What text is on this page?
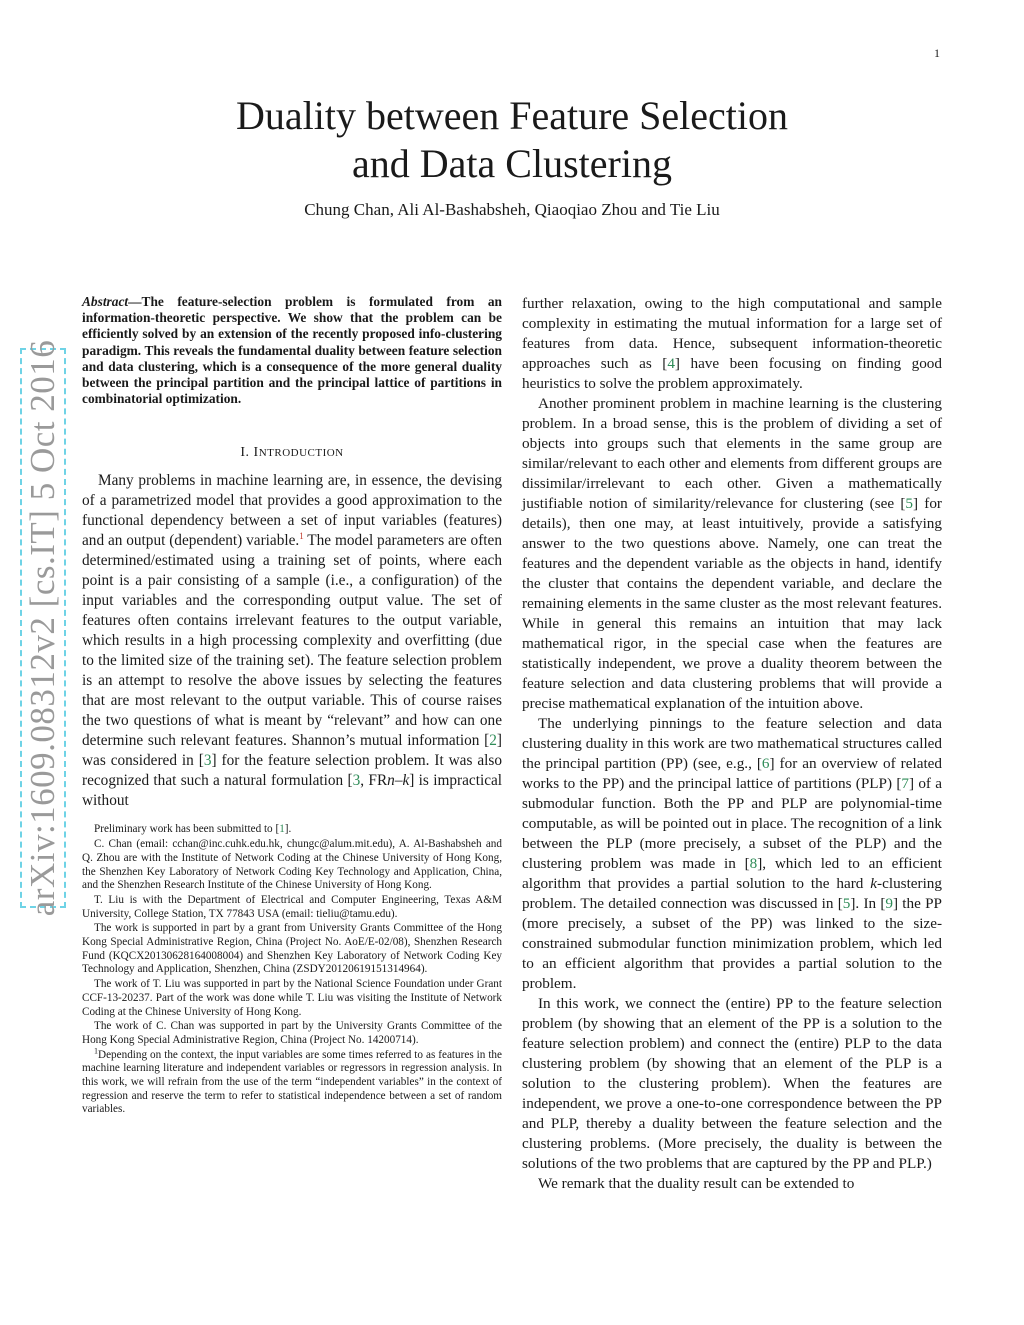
1
arXiv:1609.08312v2 [cs.IT] 5 Oct 2016
Duality between Feature Selection
and Data Clustering
Chung Chan, Ali Al-Bashabsheh, Qiaoqiao Zhou and Tie Liu
Abstract—The feature-selection problem is formulated from an information-theoretic perspective. We show that the problem can be efficiently solved by an extension of the recently proposed info-clustering paradigm. This reveals the fundamental duality between feature selection and data clustering, which is a consequence of the more general duality between the principal partition and the principal lattice of partitions in combinatorial optimization.
I. INTRODUCTION

Many problems in machine learning are, in essence, the devising of a parametrized model that provides a good approximation to the functional dependency between a set of input variables (features) and an output (dependent) variable.$^1$ The model parameters are often determined/estimated using a training set of points, where each point is a pair consisting of a sample (i.e., a configuration) of the input variables and the corresponding output value. The set of features often contains irrelevant features to the output variable, which results in a high processing complexity and overfitting (due to the limited size of the training set). The feature selection problem is an attempt to resolve the above issues by selecting the features that are most relevant to the output variable. This of course raises the two questions of what is meant by “relevant” and how can one determine such relevant features. Shannon’s mutual information [2] was considered in [3] for the feature selection problem. It was also recognized that such a natural formulation [3, FRn–k] is impractical without

Preliminary work has been submitted to [1].

C. Chan (email: cchan@inc.cuhk.edu.hk, chungc@alum.mit.edu), A. Al-Bashabsheh and Q. Zhou are with the Institute of Network Coding at the Chinese University of Hong Kong, the Shenzhen Key Laboratory of Network Coding Key Technology and Application, China, and the Shenzhen Research Institute of the Chinese University of Hong Kong.

T. Liu is with the Department of Electrical and Computer Engineering, Texas A&M University, College Station, TX 77843 USA (email: tieliu@tamu.edu).

The work is supported in part by a grant from University Grants Committee of the Hong Kong Special Administrative Region, China (Project No. AoE/E-02/08), Shenzhen Research Fund (KQCX20130628164008004) and Shenzhen Key Laboratory of Network Coding Key Technology and Application, Shenzhen, China (ZSDY20120619151314964).

The work of T. Liu was supported in part by the National Science Foundation under Grant CCF-13-20237. Part of the work was done while T. Liu was visiting the Institute of Network Coding at the Chinese University of Hong Kong.

The work of C. Chan was supported in part by the University Grants Committee of the Hong Kong Special Administrative Region, China (Project No. 14200714).

$^1$Depending on the context, the input variables are some times referred to as features in the machine learning literature and independent variables or regressors in regression analysis. In this work, we will refrain from the use of the term “independent variables” in the context of regression and reserve the term to refer to statistical independence between a set of random variables.

further relaxation, owing to the high computational and sample complexity in estimating the mutual information for a large set of features from data. Hence, subsequent information-theoretic approaches such as [4] have been focusing on finding good heuristics to solve the problem approximately.

Another prominent problem in machine learning is the clustering problem. In a broad sense, this is the problem of dividing a set of objects into groups such that elements in the same group are similar/relevant to each other and elements from different groups are dissimilar/irrelevant to each other. Given a mathematically justifiable notion of similarity/relevance for clustering (see [5] for details), then one may, at least intuitively, provide a satisfying answer to the two questions above. Namely, one can treat the features and the dependent variable as the objects in hand, identify the cluster that contains the dependent variable, and declare the remaining elements in the same cluster as the most relevant features. While in general this remains an intuition that may lack mathematical rigor, in the special case when the features are statistically independent, we prove a duality theorem between the feature selection and data clustering problems that will provide a precise mathematical explanation of the intuition above.

The underlying pinnings to the feature selection and data clustering duality in this work are two mathematical structures called the principal partition (PP) (see, e.g., [6] for an overview of related works to the PP) and the principal lattice of partitions (PLP) [7] of a submodular function. Both the PP and PLP are polynomial-time computable, as will be pointed out in place. The recognition of a link between the PLP (more precisely, a subset of the PLP) and the clustering problem was made in [8], which led to an efficient algorithm that provides a partial solution to the hard k-clustering problem. The detailed connection was discussed in [5]. In [9] the PP (more precisely, a subset of the PP) was linked to the size-constrained submodular function minimization problem, which led to an efficient algorithm that provides a partial solution to the problem.

In this work, we connect the (entire) PP to the feature selection problem (by showing that an element of the PP is a solution to the feature selection problem) and connect the (entire) PLP to the data clustering problem (by showing that an element of the PLP is a solution to the clustering problem). When the features are independent, we prove a one-to-one correspondence between the PP and PLP, thereby a duality between the feature selection and the clustering problems. (More precisely, the duality is between the solutions of the two problems that are captured by the PP and PLP.)

We remark that the duality result can be extended to
